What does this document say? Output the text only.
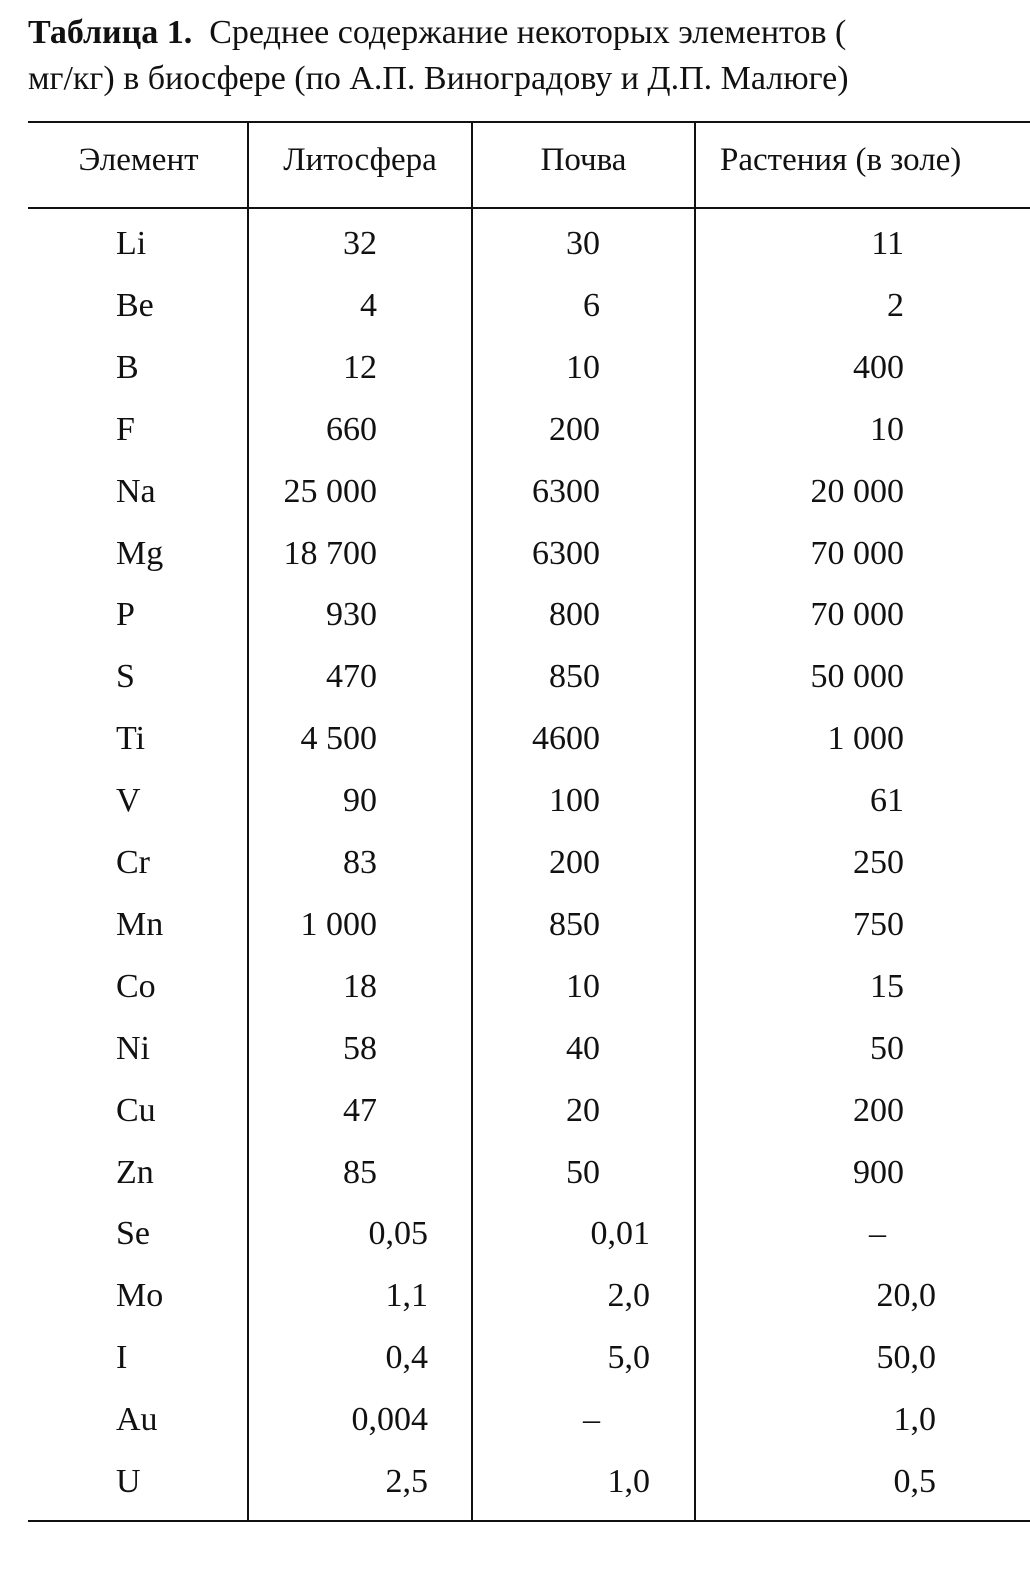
Таблица 1. Среднее содержание некоторых элементов (
мг/кг) в биосфере (по А.П. Виноградову и Д.П. Малюге)
Элемент	Литосфера	Почва	Растения (в золе)
Li	32	30	11
Be	4	6	2
B	12	10	400
F	660	200	10
Na	25 000	6300	20 000
Mg	18 700	6300	70 000
P	930	800	70 000
S	470	850	50 000
Ti	4 500	4600	1 000
V	90	100	61
Cr	83	200	250
Mn	1 000	850	750
Co	18	10	15
Ni	58	40	50
Cu	47	20	200
Zn	85	50	900
Se	0,05	0,01	–
Mo	1,1	2,0	20,0
I	0,4	5,0	50,0
Au	0,004	–	1,0
U	2,5	1,0	0,5
